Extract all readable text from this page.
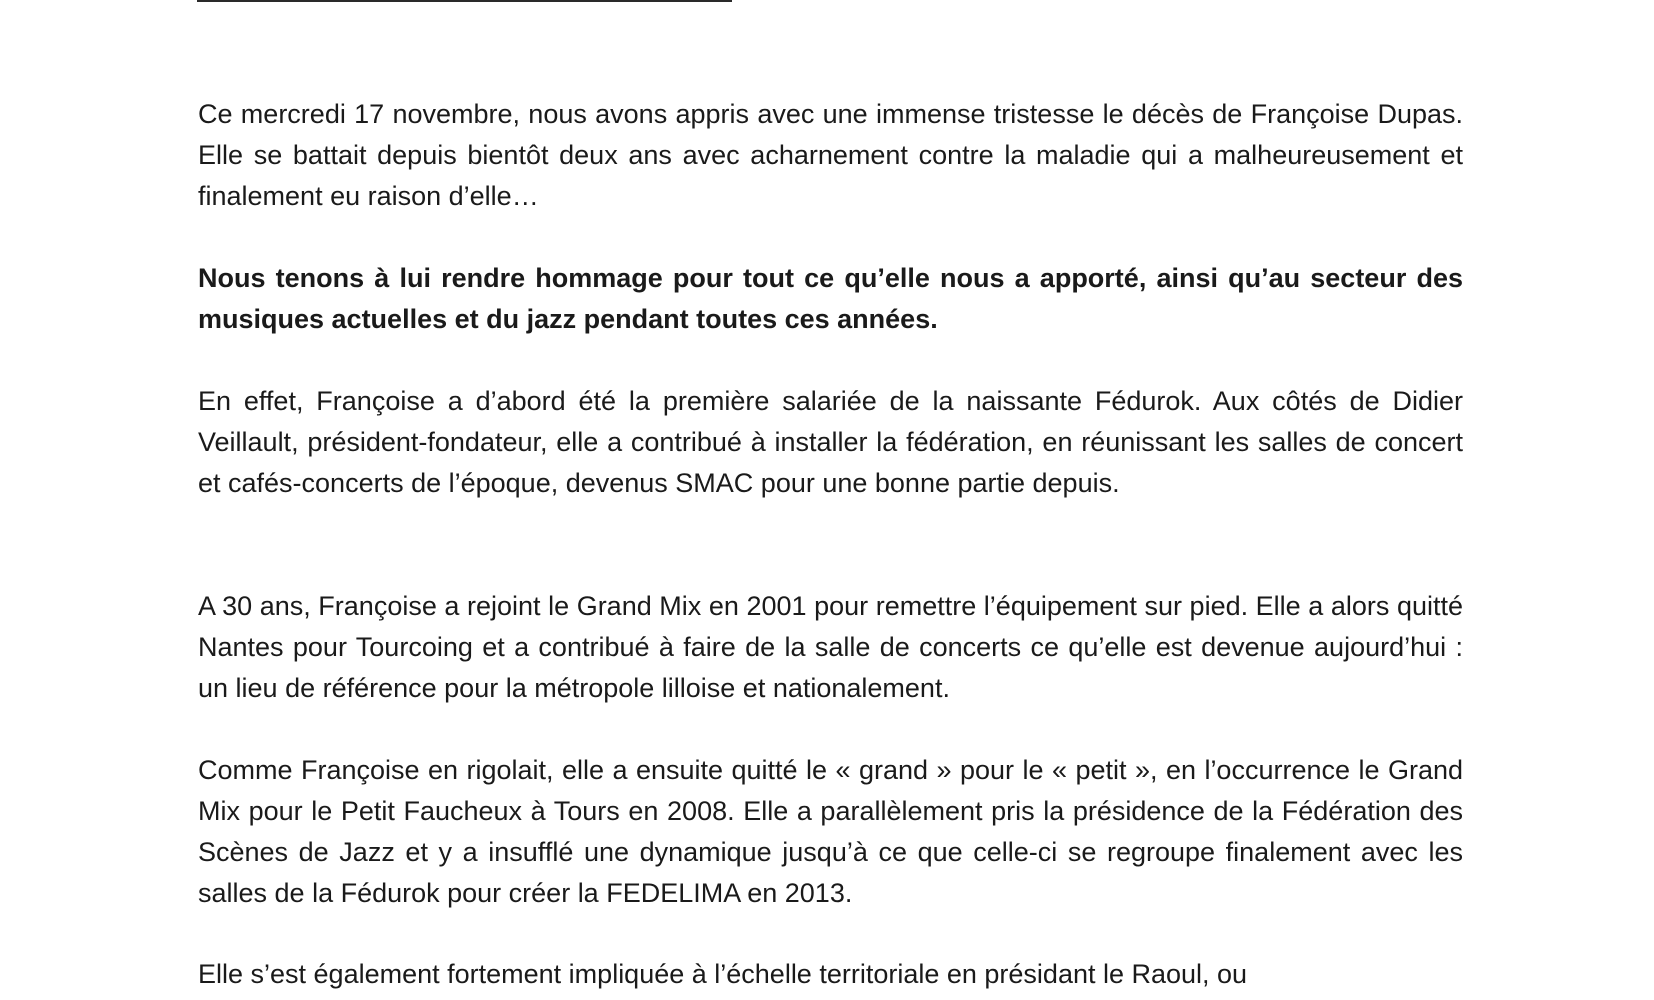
Ce mercredi 17 novembre, nous avons appris avec une immense tristesse le décès de Françoise Dupas. Elle se battait depuis bientôt deux ans avec acharnement contre la maladie qui a malheureusement et finalement eu raison d’elle…

Nous tenons à lui rendre hommage pour tout ce qu’elle nous a apporté, ainsi qu’au secteur des musiques actuelles et du jazz pendant toutes ces années.

En effet, Françoise a d’abord été la première salariée de la naissante Fédurok. Aux côtés de Didier Veillault, président-fondateur, elle a contribué à installer la fédération, en réunissant les salles de concert et cafés-concerts de l’époque, devenus SMAC pour une bonne partie depuis.

A 30 ans, Françoise a rejoint le Grand Mix en 2001 pour remettre l’équipement sur pied. Elle a alors quitté Nantes pour Tourcoing et a contribué à faire de la salle de concerts ce qu’elle est devenue aujourd’hui : un lieu de référence pour la métropole lilloise et nationalement.

Comme Françoise en rigolait, elle a ensuite quitté le « grand » pour le « petit », en l’occurrence le Grand Mix pour le Petit Faucheux à Tours en 2008. Elle a parallèlement pris la présidence de la Fédération des Scènes de Jazz et y a insufflé une dynamique jusqu’à ce que celle-ci se regroupe finalement avec les salles de la Fédurok pour créer la FEDELIMA en 2013.

Elle s’est également fortement impliquée à l’échelle territoriale en présidant le Raoul, ou
